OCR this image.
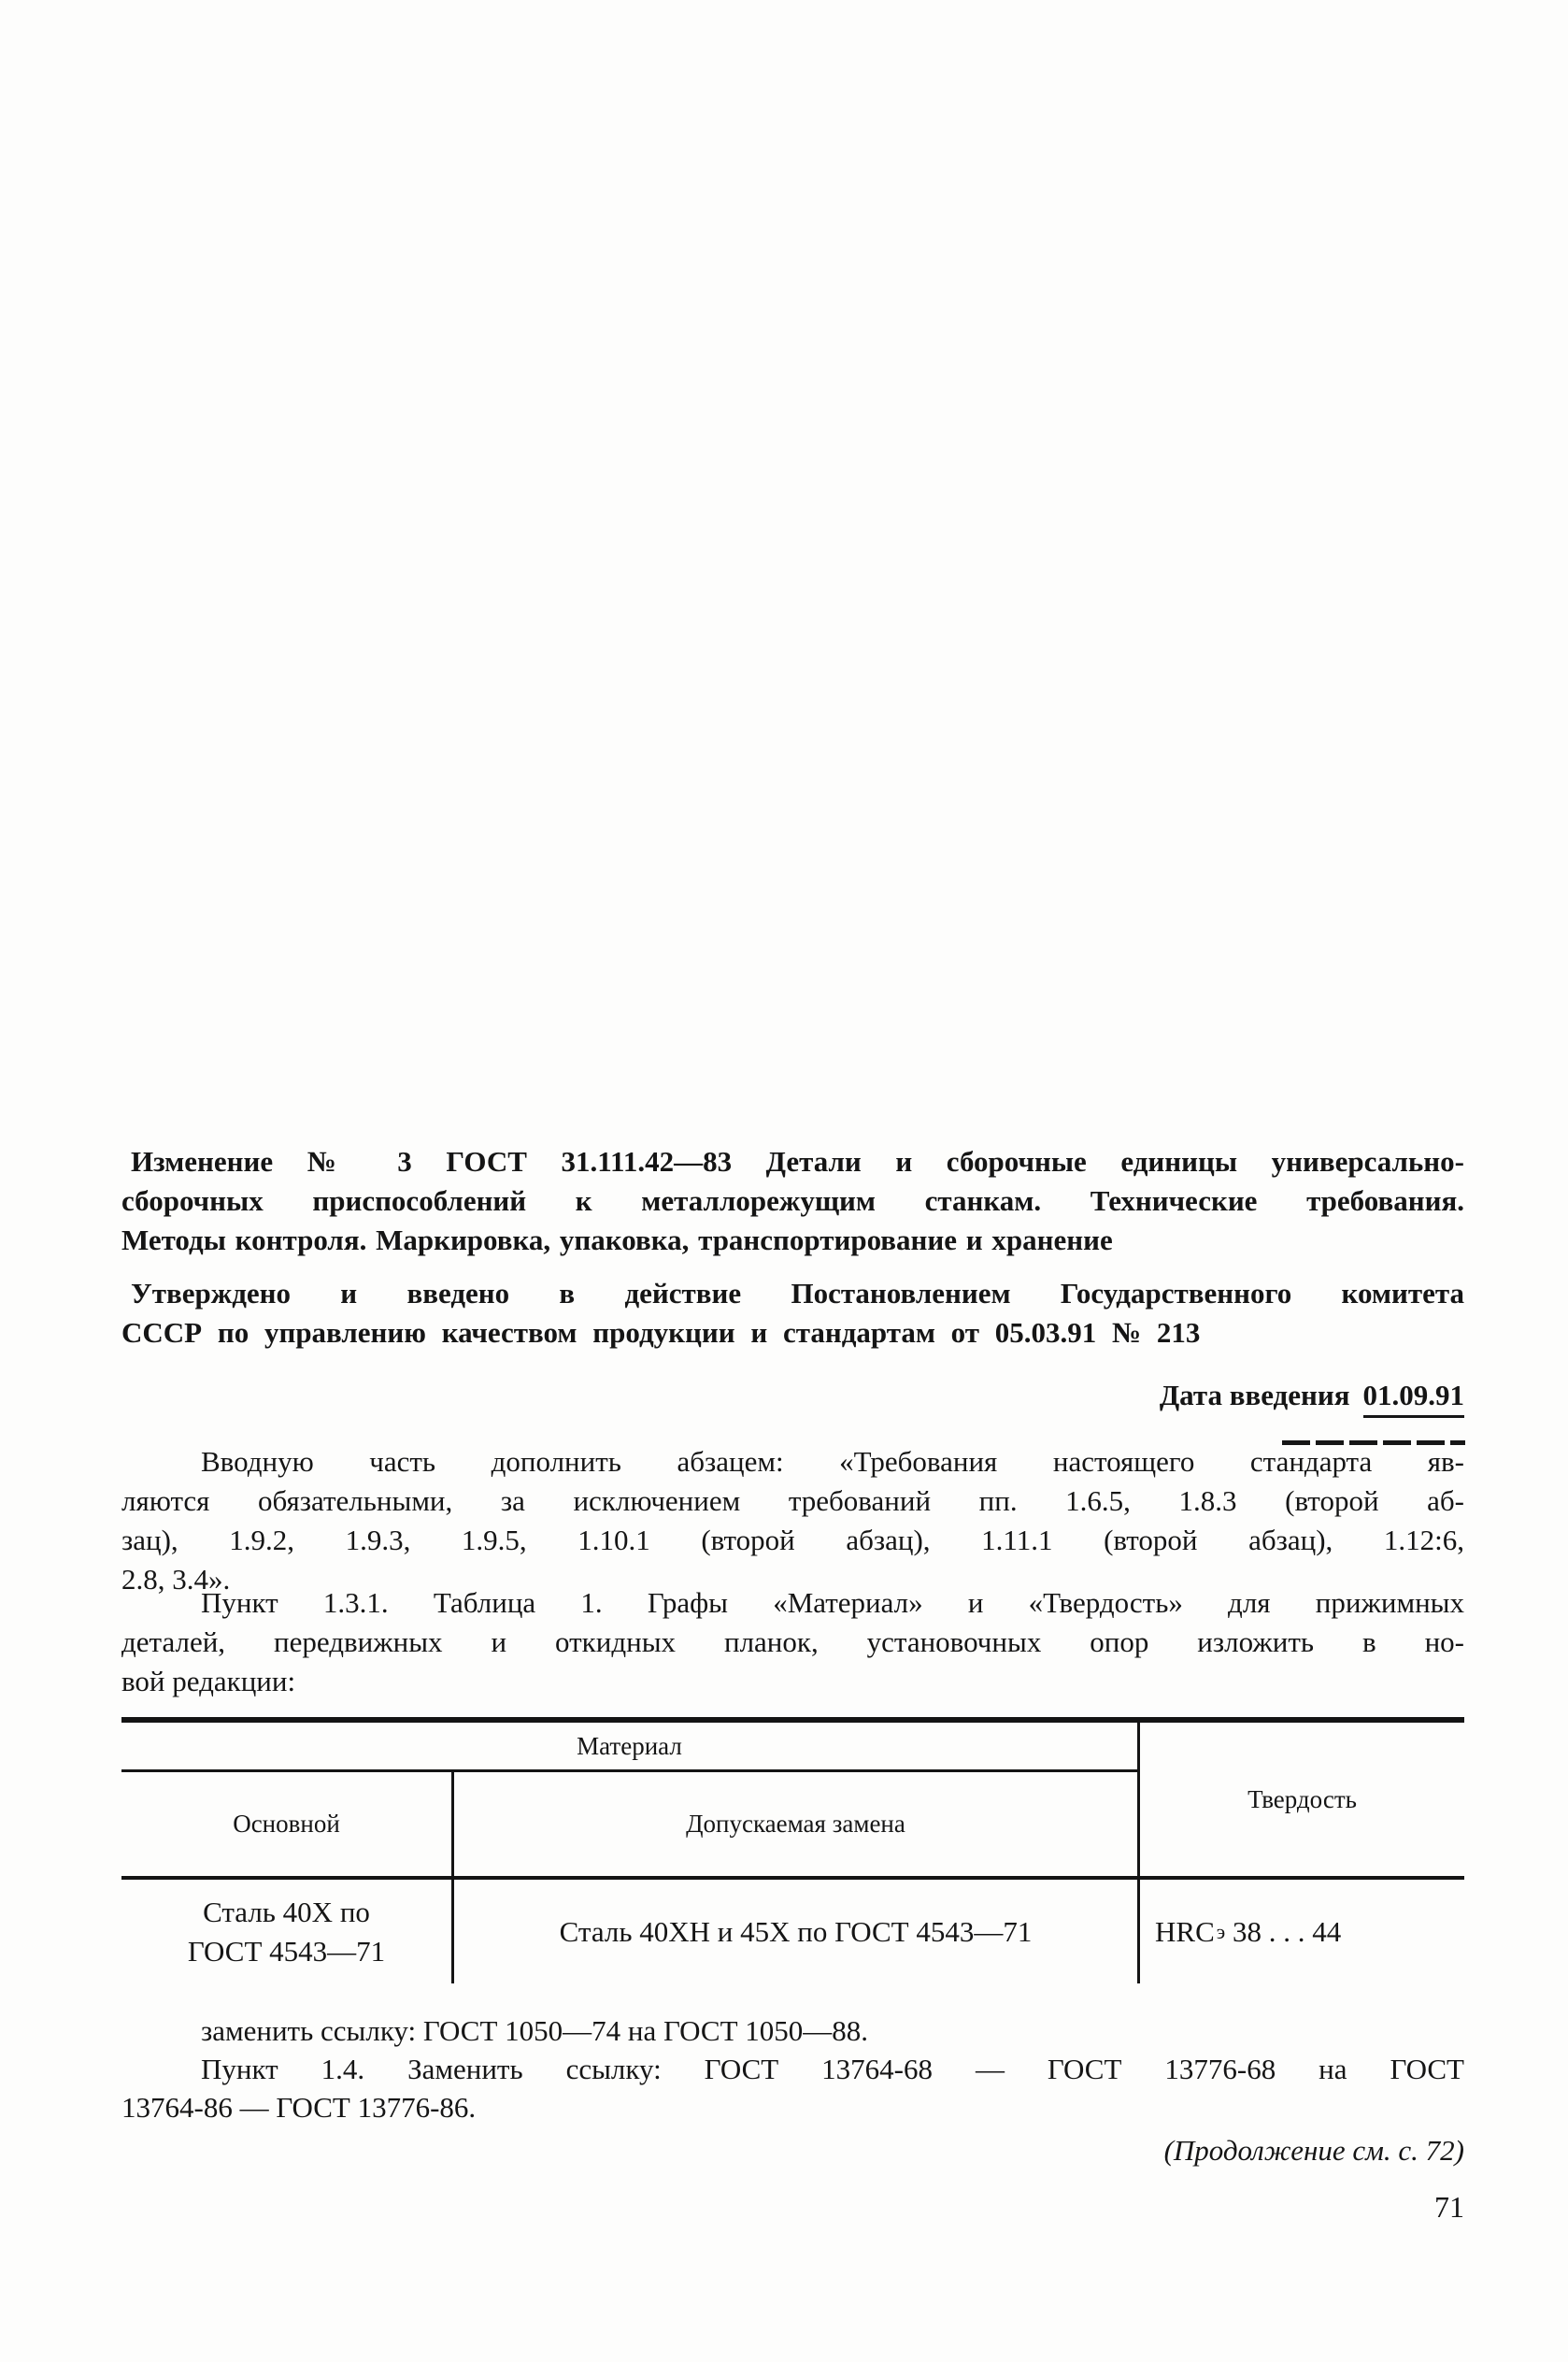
Изменение № 3 ГОСТ 31.111.42—83 Детали и сборочные единицы универсально-
сборочных приспособлений к металлорежущим станкам. Технические требования.
Методы контроля. Маркировка, упаковка, транспортирование и хранение
Утверждено и введено в действие Постановлением Государственного комитета
СССР по управлению качеством продукции и стандартам от 05.03.91 № 213
Дата введения 01.09.91
Вводную часть дополнить абзацем: «Требования настоящего стандарта яв-
ляются обязательными, за исключением требований пп. 1.6.5, 1.8.3 (второй аб-
зац), 1.9.2, 1.9.3, 1.9.5, 1.10.1 (второй абзац), 1.11.1 (второй абзац), 1.12:6,
2.8, 3.4».
Пункт 1.3.1. Таблица 1. Графы «Материал» и «Твердость» для прижимных
деталей, передвижных и откидных планок, установочных опор изложить в но-
вой редакции:
Материал
Твердость
Основной	Допускаемая замена
Сталь 40Х по
ГОСТ 4543—71
Сталь 40ХН и 45Х по ГОСТ 4543—71	HRC э
38 . . . 44
заменить ссылку: ГОСТ 1050—74 на ГОСТ 1050—88.
Пункт 1.4. Заменить ссылку: ГОСТ 13764-68 — ГОСТ 13776-68 на ГОСТ
13764-86 — ГОСТ 13776-86.
(Продолжение см. с. 72)
71
